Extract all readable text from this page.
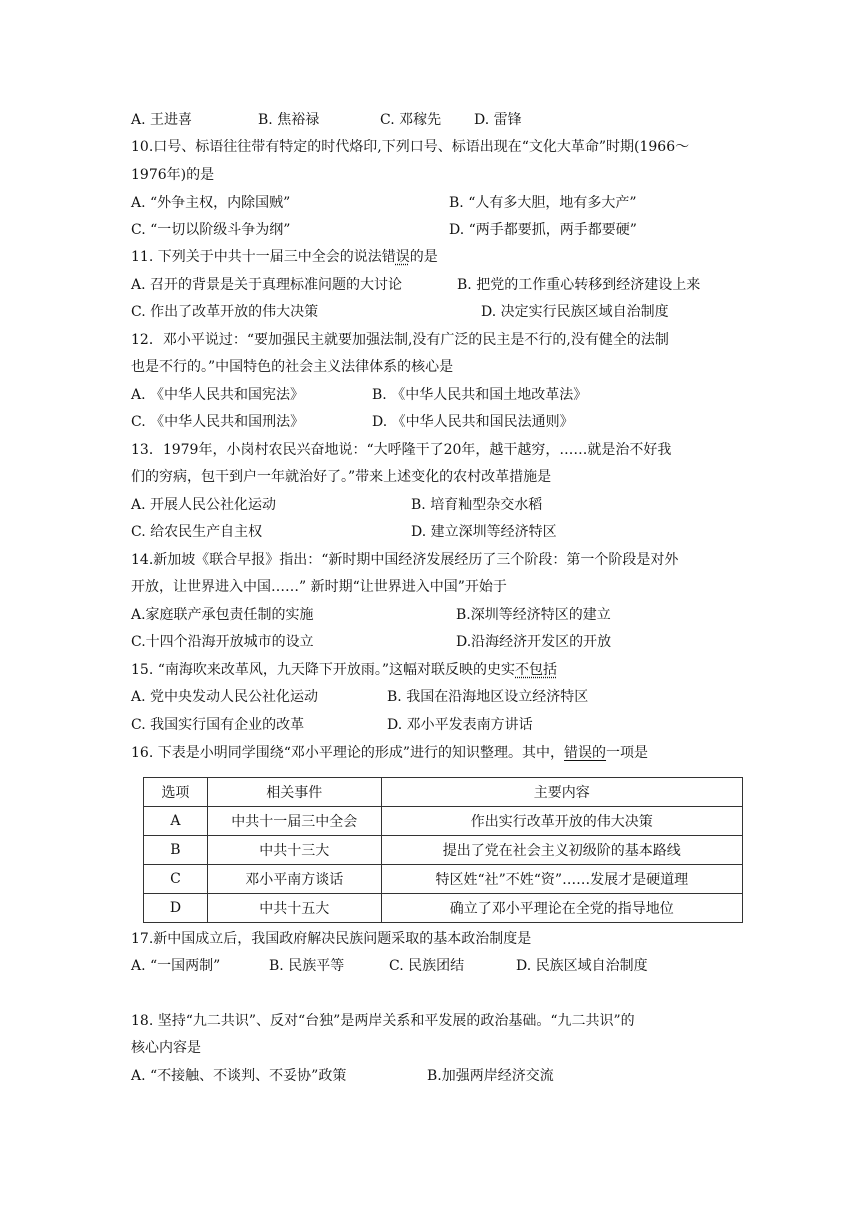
A. 王进喜	B. 焦裕禄	C. 邓稼先 D. 雷锋
10.口号、标语往往带有特定的时代烙印,下列口号、标语出现在“文化大革命”时期(1966～
1976年)的是
A. “外争主权，内除国贼”	B. “人有多大胆，地有多大产”
C. “一切以阶级斗争为纲”	D. “两手都要抓，两手都要硬”
11. 下列关于中共十一届三中全会的说法错误的是
A. 召开的背景是关于真理标准问题的大讨论	B. 把党的工作重心转移到经济建设上来
C. 作出了改革开放的伟大决策	D. 决定实行民族区域自治制度
12．邓小平说过：“要加强民主就要加强法制,没有广泛的民主是不行的,没有健全的法制
也是不行的。”中国特色的社会主义法律体系的核心是
A. 《中华人民共和国宪法》	B. 《中华人民共和国土地改革法》
C. 《中华人民共和国刑法》	D. 《中华人民共和国民法通则》
13．1979年，小岗村农民兴奋地说：“大呼隆干了20年，越干越穷，……就是治不好我
们的穷病，包干到户一年就治好了。”带来上述变化的农村改革措施是
A. 开展人民公社化运动	B. 培育籼型杂交水稻
C. 给农民生产自主权	D. 建立深圳等经济特区
14.新加坡《联合早报》指出：“新时期中国经济发展经历了三个阶段：第一个阶段是对外
开放，让世界进入中国……” 新时期“让世界进入中国”开始于
A.家庭联产承包责任制的实施	B.深圳等经济特区的建立
C.十四个沿海开放城市的设立	D.沿海经济开发区的开放
15. “南海吹来改革风，九天降下开放雨。”这幅对联反映的史实不包括
A. 党中央发动人民公社化运动	B. 我国在沿海地区设立经济特区
C. 我国实行国有企业的改革	D. 邓小平发表南方讲话
16. 下表是小明同学围绕“邓小平理论的形成”进行的知识整理。其中，错误的一项是
选项	相关事件	主要内容
A	中共十一届三中全会	作出实行改革开放的伟大决策
B	中共十三大	提出了党在社会主义初级阶的基本路线
C	邓小平南方谈话	特区姓“社”不姓“资”……发展才是硬道理
D	中共十五大	确立了邓小平理论在全党的指导地位
17.新中国成立后，我国政府解决民族问题采取的基本政治制度是
A. “一国两制”	B. 民族平等	C. 民族团结	D. 民族区域自治制度
18. 坚持“九二共识”、反对“台独”是两岸关系和平发展的政治基础。“九二共识”的
核心内容是
A. “不接触、不谈判、不妥协”政策	B.加强两岸经济交流
